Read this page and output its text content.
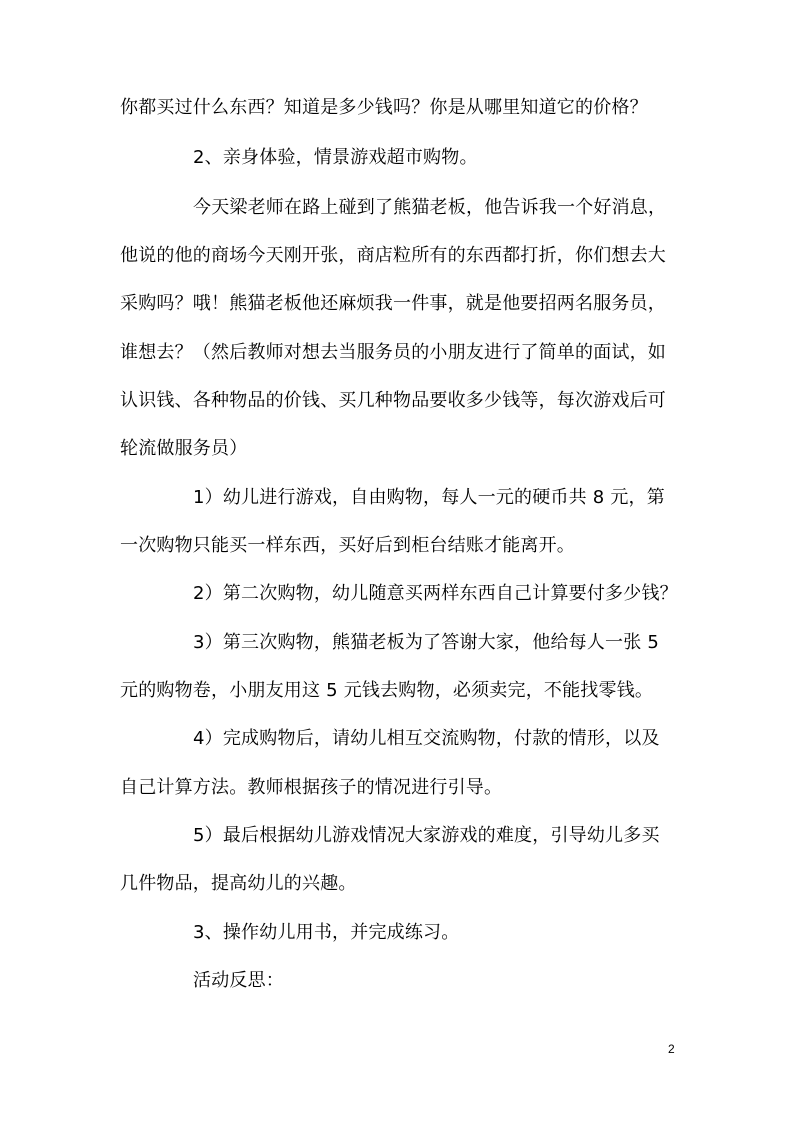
你都买过什么东西？知道是多少钱吗？你是从哪里知道它的价格？
2、亲身体验，情景游戏超市购物。
今天梁老师在路上碰到了熊猫老板，他告诉我一个好消息，
他说的他的商场今天刚开张，商店粒所有的东西都打折，你们想去大
采购吗？哦！熊猫老板他还麻烦我一件事，就是他要招两名服务员，
谁想去？（然后教师对想去当服务员的小朋友进行了简单的面试，如
认识钱、各种物品的价钱、买几种物品要收多少钱等，每次游戏后可
轮流做服务员）
1）幼儿进行游戏，自由购物，每人一元的硬币共 8 元，第
一次购物只能买一样东西，买好后到柜台结账才能离开。
2）第二次购物，幼儿随意买两样东西自己计算要付多少钱？
3）第三次购物，熊猫老板为了答谢大家，他给每人一张 5
元的购物卷，小朋友用这 5 元钱去购物，必须卖完，不能找零钱。
4）完成购物后，请幼儿相互交流购物，付款的情形，以及
自己计算方法。教师根据孩子的情况进行引导。
5）最后根据幼儿游戏情况大家游戏的难度，引导幼儿多买
几件物品，提高幼儿的兴趣。
3、操作幼儿用书，并完成练习。
活动反思：
2
